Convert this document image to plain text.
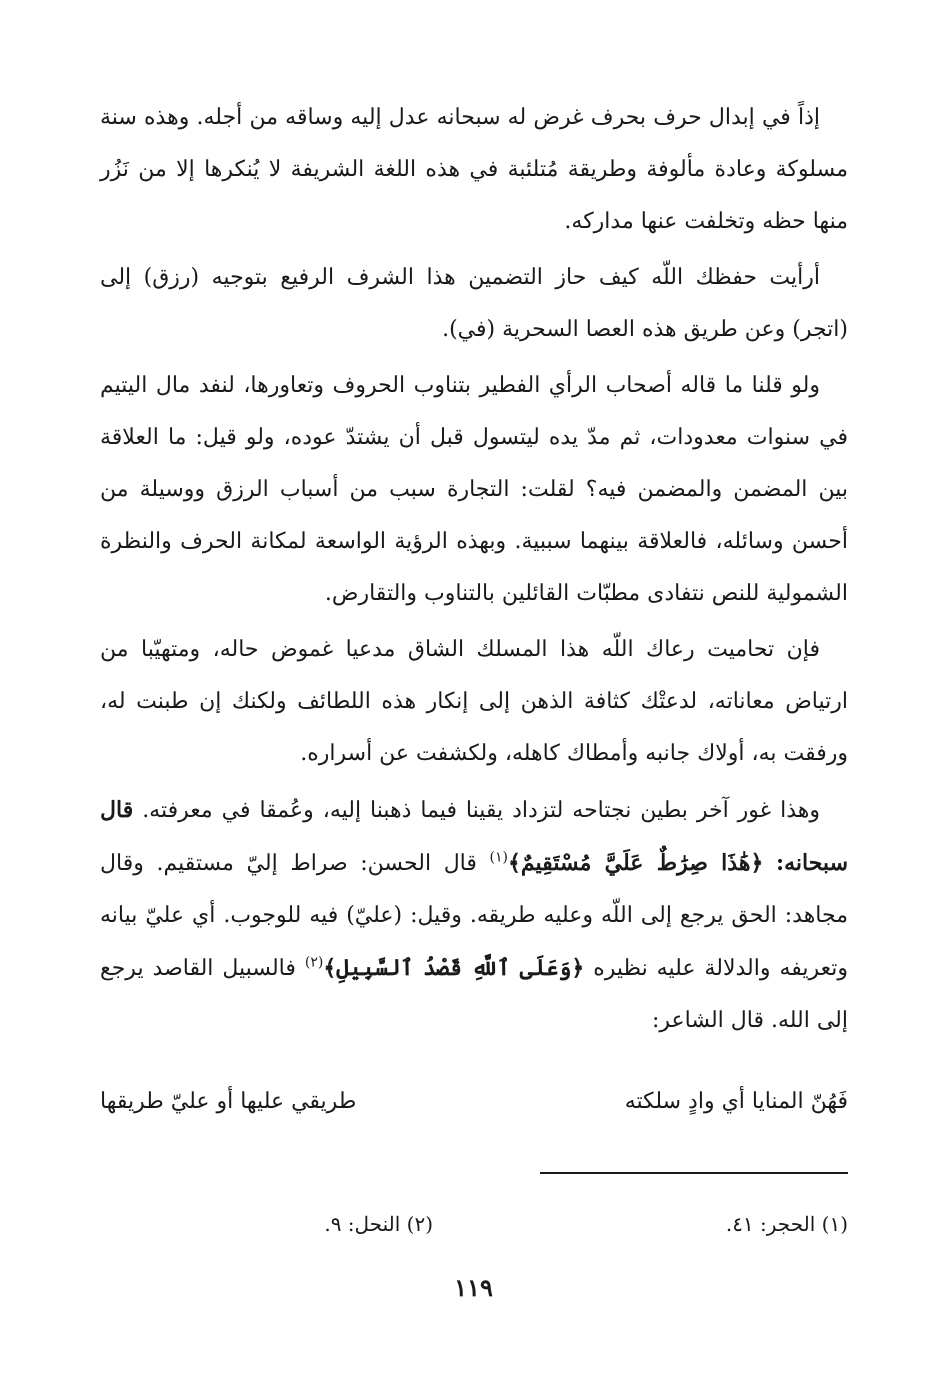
إذاً في إبدال حرف بحرف غرض له سبحانه عدل إليه وساقه من أجله. وهذه سنة مسلوكة وعادة مألوفة وطريقة مُتلئبة في هذه اللغة الشريفة لا يُنكرها إلا من نَزُر منها حظه وتخلفت عنها مداركه.

أرأيت حفظك اللّه كيف حاز التضمين هذا الشرف الرفيع بتوجيه (رزق) إلى (اتجر) وعن طريق هذه العصا السحرية (في).

ولو قلنا ما قاله أصحاب الرأي الفطير بتناوب الحروف وتعاورها، لنفد مال اليتيم في سنوات معدودات، ثم مدّ يده ليتسول قبل أن يشتدّ عوده، ولو قيل: ما العلاقة بين المضمن والمضمن فيه؟ لقلت: التجارة سبب من أسباب الرزق ووسيلة من أحسن وسائله، فالعلاقة بينهما سببية. وبهذه الرؤية الواسعة لمكانة الحرف والنظرة الشمولية للنص نتفادى مطبّات القائلين بالتناوب والتقارض.

فإن تحاميت رعاك اللّه هذا المسلك الشاق مدعيا غموض حاله، ومتهيّبا من ارتياض معاناته، لدعتْك كثافة الذهن إلى إنكار هذه اللطائف ولكنك إن طبنت له، ورفقت به، أولاك جانبه وأمطاك كاهله، ولكشفت عن أسراره.

وهذا غور آخر بطين نجتاحه لتزداد يقينا فيما ذهبنا إليه، وعُمقا في معرفته. قال سبحانه: ﴿هَٰذَا صِرَٰطٌ عَلَيَّ مُسْتَقِيمٌ﴾$^{(١)}$ قال الحسن: صراط إليّ مستقيم. وقال مجاهد: الحق يرجع إلى اللّه وعليه طريقه. وقيل: (عليّ) فيه للوجوب. أي عليّ بيانه وتعريفه والدلالة عليه نظيره ﴿وَعَلَى ٱللَّهِ قَصْدُ ٱلسَّبِيلِ﴾$^{(٢)}$ فالسبيل القاصد يرجع إلى الله. قال الشاعر:

فَهُنّ المنايا أي وادٍ سلكته
طريقي عليها أو عليّ طريقها
(١) الحجر: ٤١.
(٢) النحل: ٩.
١١٩
